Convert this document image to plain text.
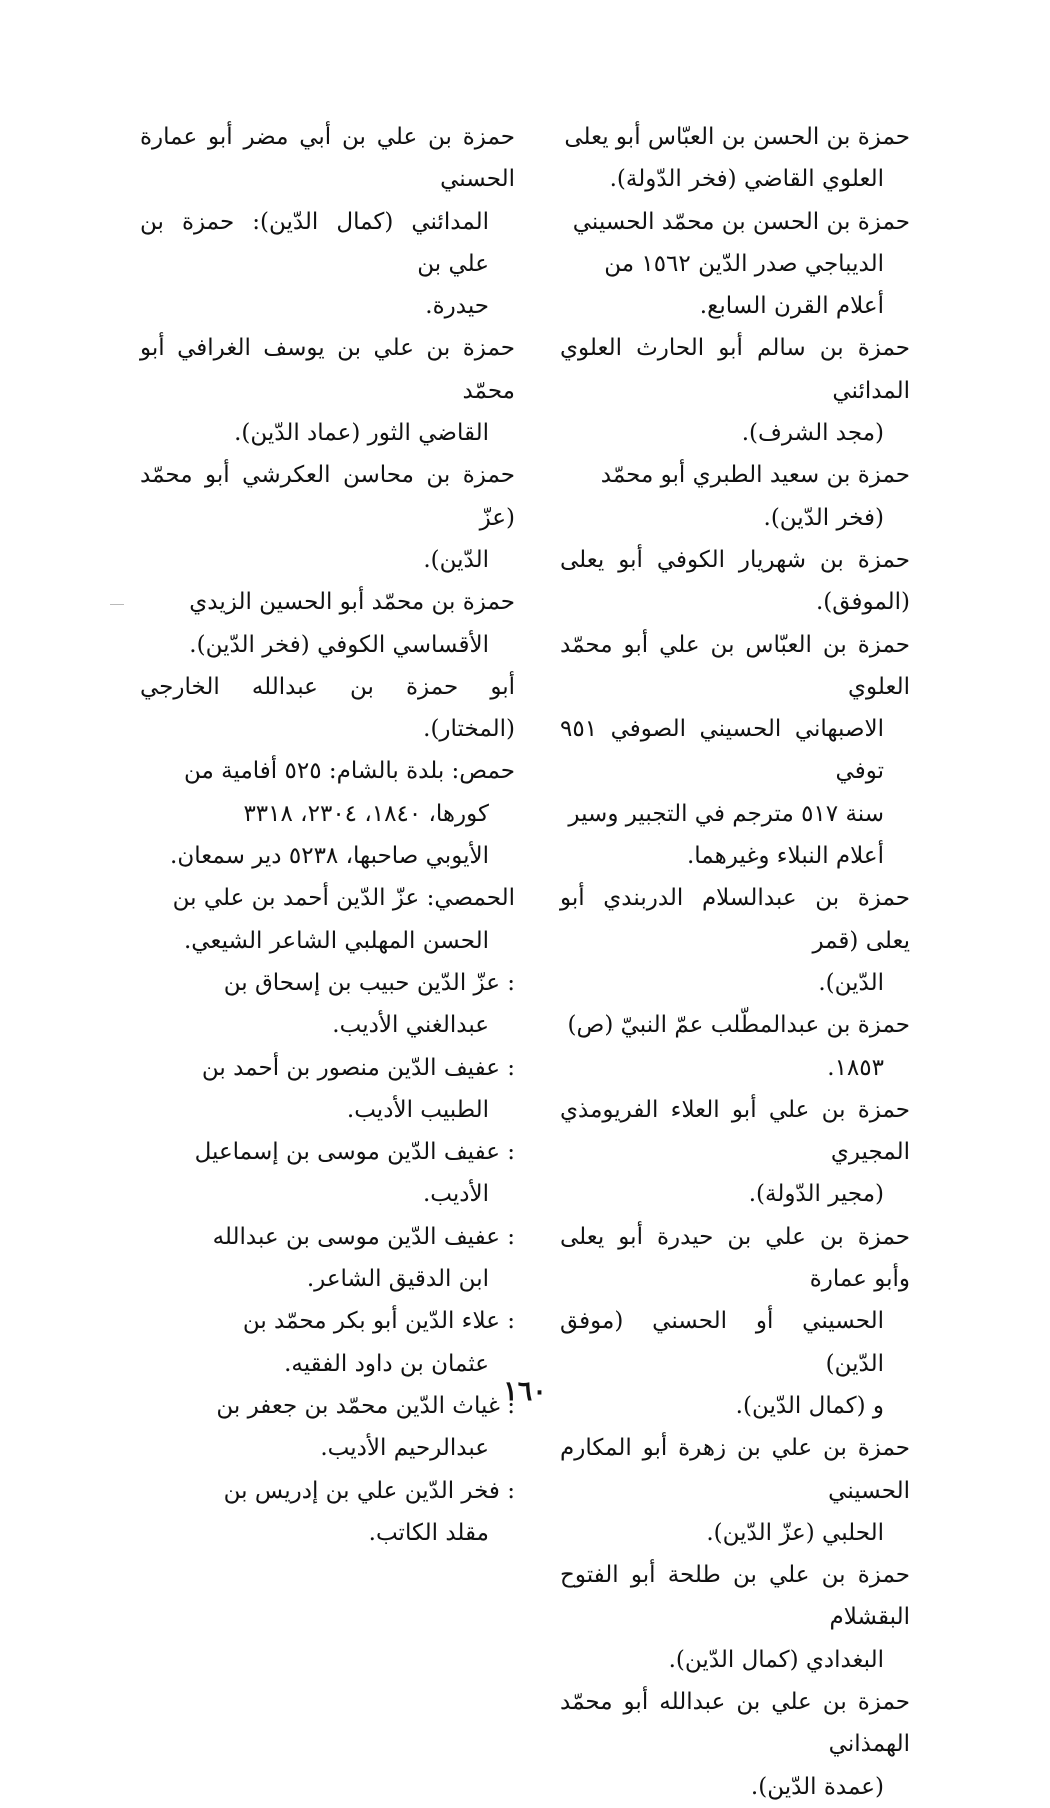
حمزة بن الحسن بن العبّاس أبو يعلى
العلوي القاضي (فخر الدّولة).

حمزة بن الحسن بن محمّد الحسيني
الديباجي صدر الدّين ١٥٦٢ من
أعلام القرن السابع.

حمزة بن سالم أبو الحارث العلوي المدائني
(مجد الشرف).

حمزة بن سعيد الطبري أبو محمّد
(فخر الدّين).

حمزة بن شهريار الكوفي أبو يعلى (الموفق).

حمزة بن العبّاس بن علي أبو محمّد العلوي
الاصبهاني الحسيني الصوفي ٩٥١ توفي
سنة ٥١٧ مترجم في التجبير وسير
أعلام النبلاء وغيرهما.

حمزة بن عبدالسلام الدربندي أبو يعلى (قمر
الدّين).

حمزة بن عبدالمطّلب عمّ النبيّ (ص)
١٨٥٣.

حمزة بن علي أبو العلاء الفريومذي المجيري
(مجير الدّولة).

حمزة بن علي بن حيدرة أبو يعلى وأبو عمارة
الحسيني أو الحسني (موفق الدّين)
و (كمال الدّين).

حمزة بن علي بن زهرة أبو المكارم الحسيني
الحلبي (عزّ الدّين).

حمزة بن علي بن طلحة أبو الفتوح البقشلام
البغدادي (كمال الدّين).

حمزة بن علي بن عبدالله أبو محمّد الهمذاني
(عمدة الدّين).

حمزة بن علي بن أبي مضر أبو عمارة الحسني
المدائني (كمال الدّين): حمزة بن علي بن
حيدرة.

حمزة بن علي بن يوسف الغرافي أبو محمّد
القاضي الثور (عماد الدّين).

حمزة بن محاسن العكرشي أبو محمّد (عزّ
الدّين).

حمزة بن محمّد أبو الحسين الزيدي
الأقساسي الكوفي (فخر الدّين).

أبو حمزة بن عبدالله الخارجي (المختار).

حمص: بلدة بالشام: ٥٢٥ أفامية من
كورها، ١٨٤٠، ٢٣٠٤، ٣٣١٨
الأيوبي صاحبها، ٥٢٣٨ دير سمعان.

الحمصي: عزّ الدّين أحمد بن علي بن
الحسن المهلبي الشاعر الشيعي.

: عزّ الدّين حبيب بن إسحاق بن
عبدالغني الأديب.

: عفيف الدّين منصور بن أحمد بن
الطبيب الأديب.

: عفيف الدّين موسى بن إسماعيل
الأديب.

: عفيف الدّين موسى بن عبدالله
ابن الدقيق الشاعر.

: علاء الدّين أبو بكر محمّد بن
عثمان بن داود الفقيه.

: غياث الدّين محمّد بن جعفر بن
عبدالرحيم الأديب.

: فخر الدّين علي بن إدريس بن
مقلد الكاتب.

١٦٠
